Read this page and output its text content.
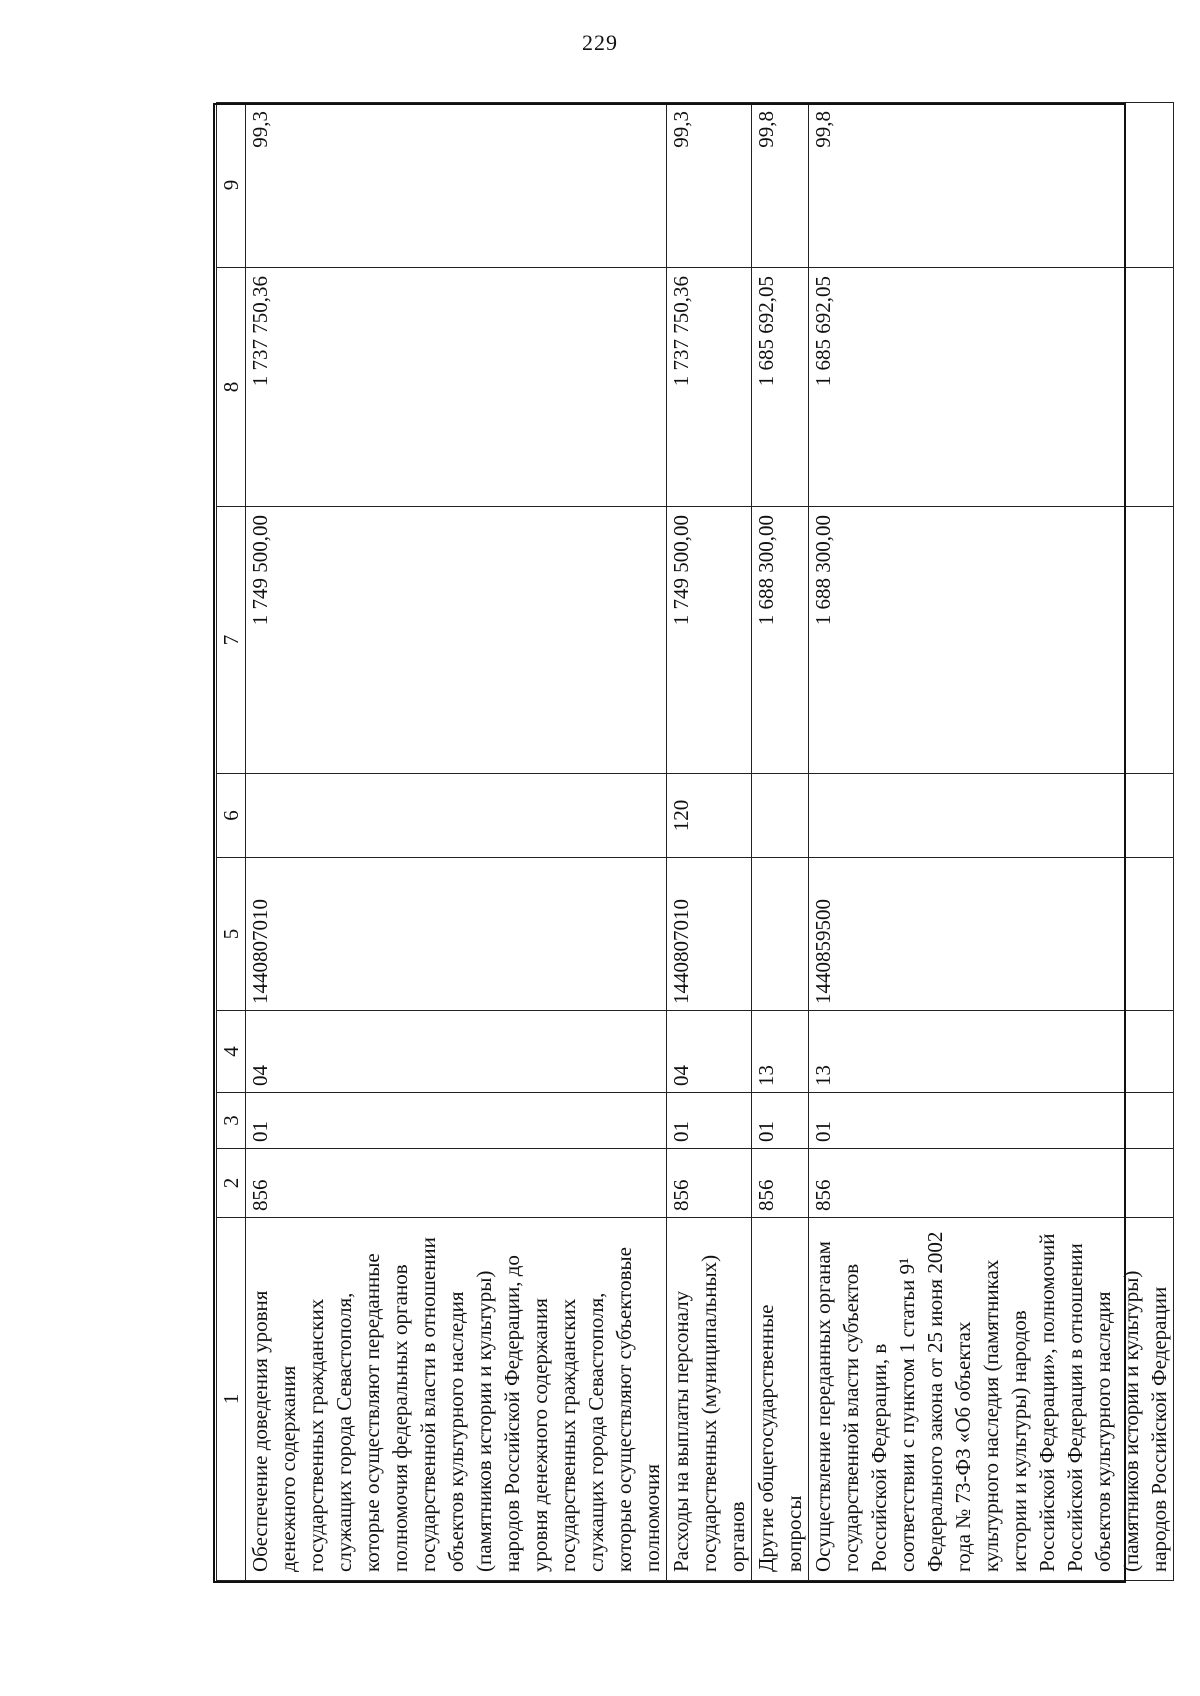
229
1	2	3	4	5	6	7	8	9
Обеспечение доведения уровня денежного содержания государственных гражданских служащих города Севастополя, которые осуществляют переданные полномочия федеральных органов государственной власти в отношении объектов культурного наследия (памятников истории и культуры) народов Российской Федерации, до уровня денежного содержания государственных гражданских служащих города Севастополя, которые осуществляют субъектовые полномочия	856	01	04	1440807010		1 749 500,00	1 737 750,36	99,3
Расходы на выплаты персоналу государственных (муниципальных) органов	856	01	04	1440807010	120	1 749 500,00	1 737 750,36	99,3
Другие общегосударственные вопросы	856	01	13			1 688 300,00	1 685 692,05	99,8
Осуществление переданных органам государственной власти субъектов Российской Федерации, в соответствии с пунктом 1 статьи 9¹ Федерального закона от 25 июня 2002 года № 73-ФЗ «Об объектах культурного наследия (памятниках истории и культуры) народов Российской Федерации», полномочий Российской Федерации в отношении объектов культурного наследия (памятников истории и культуры) народов Российской Федерации	856	01	13	1440859500		1 688 300,00	1 685 692,05	99,8
